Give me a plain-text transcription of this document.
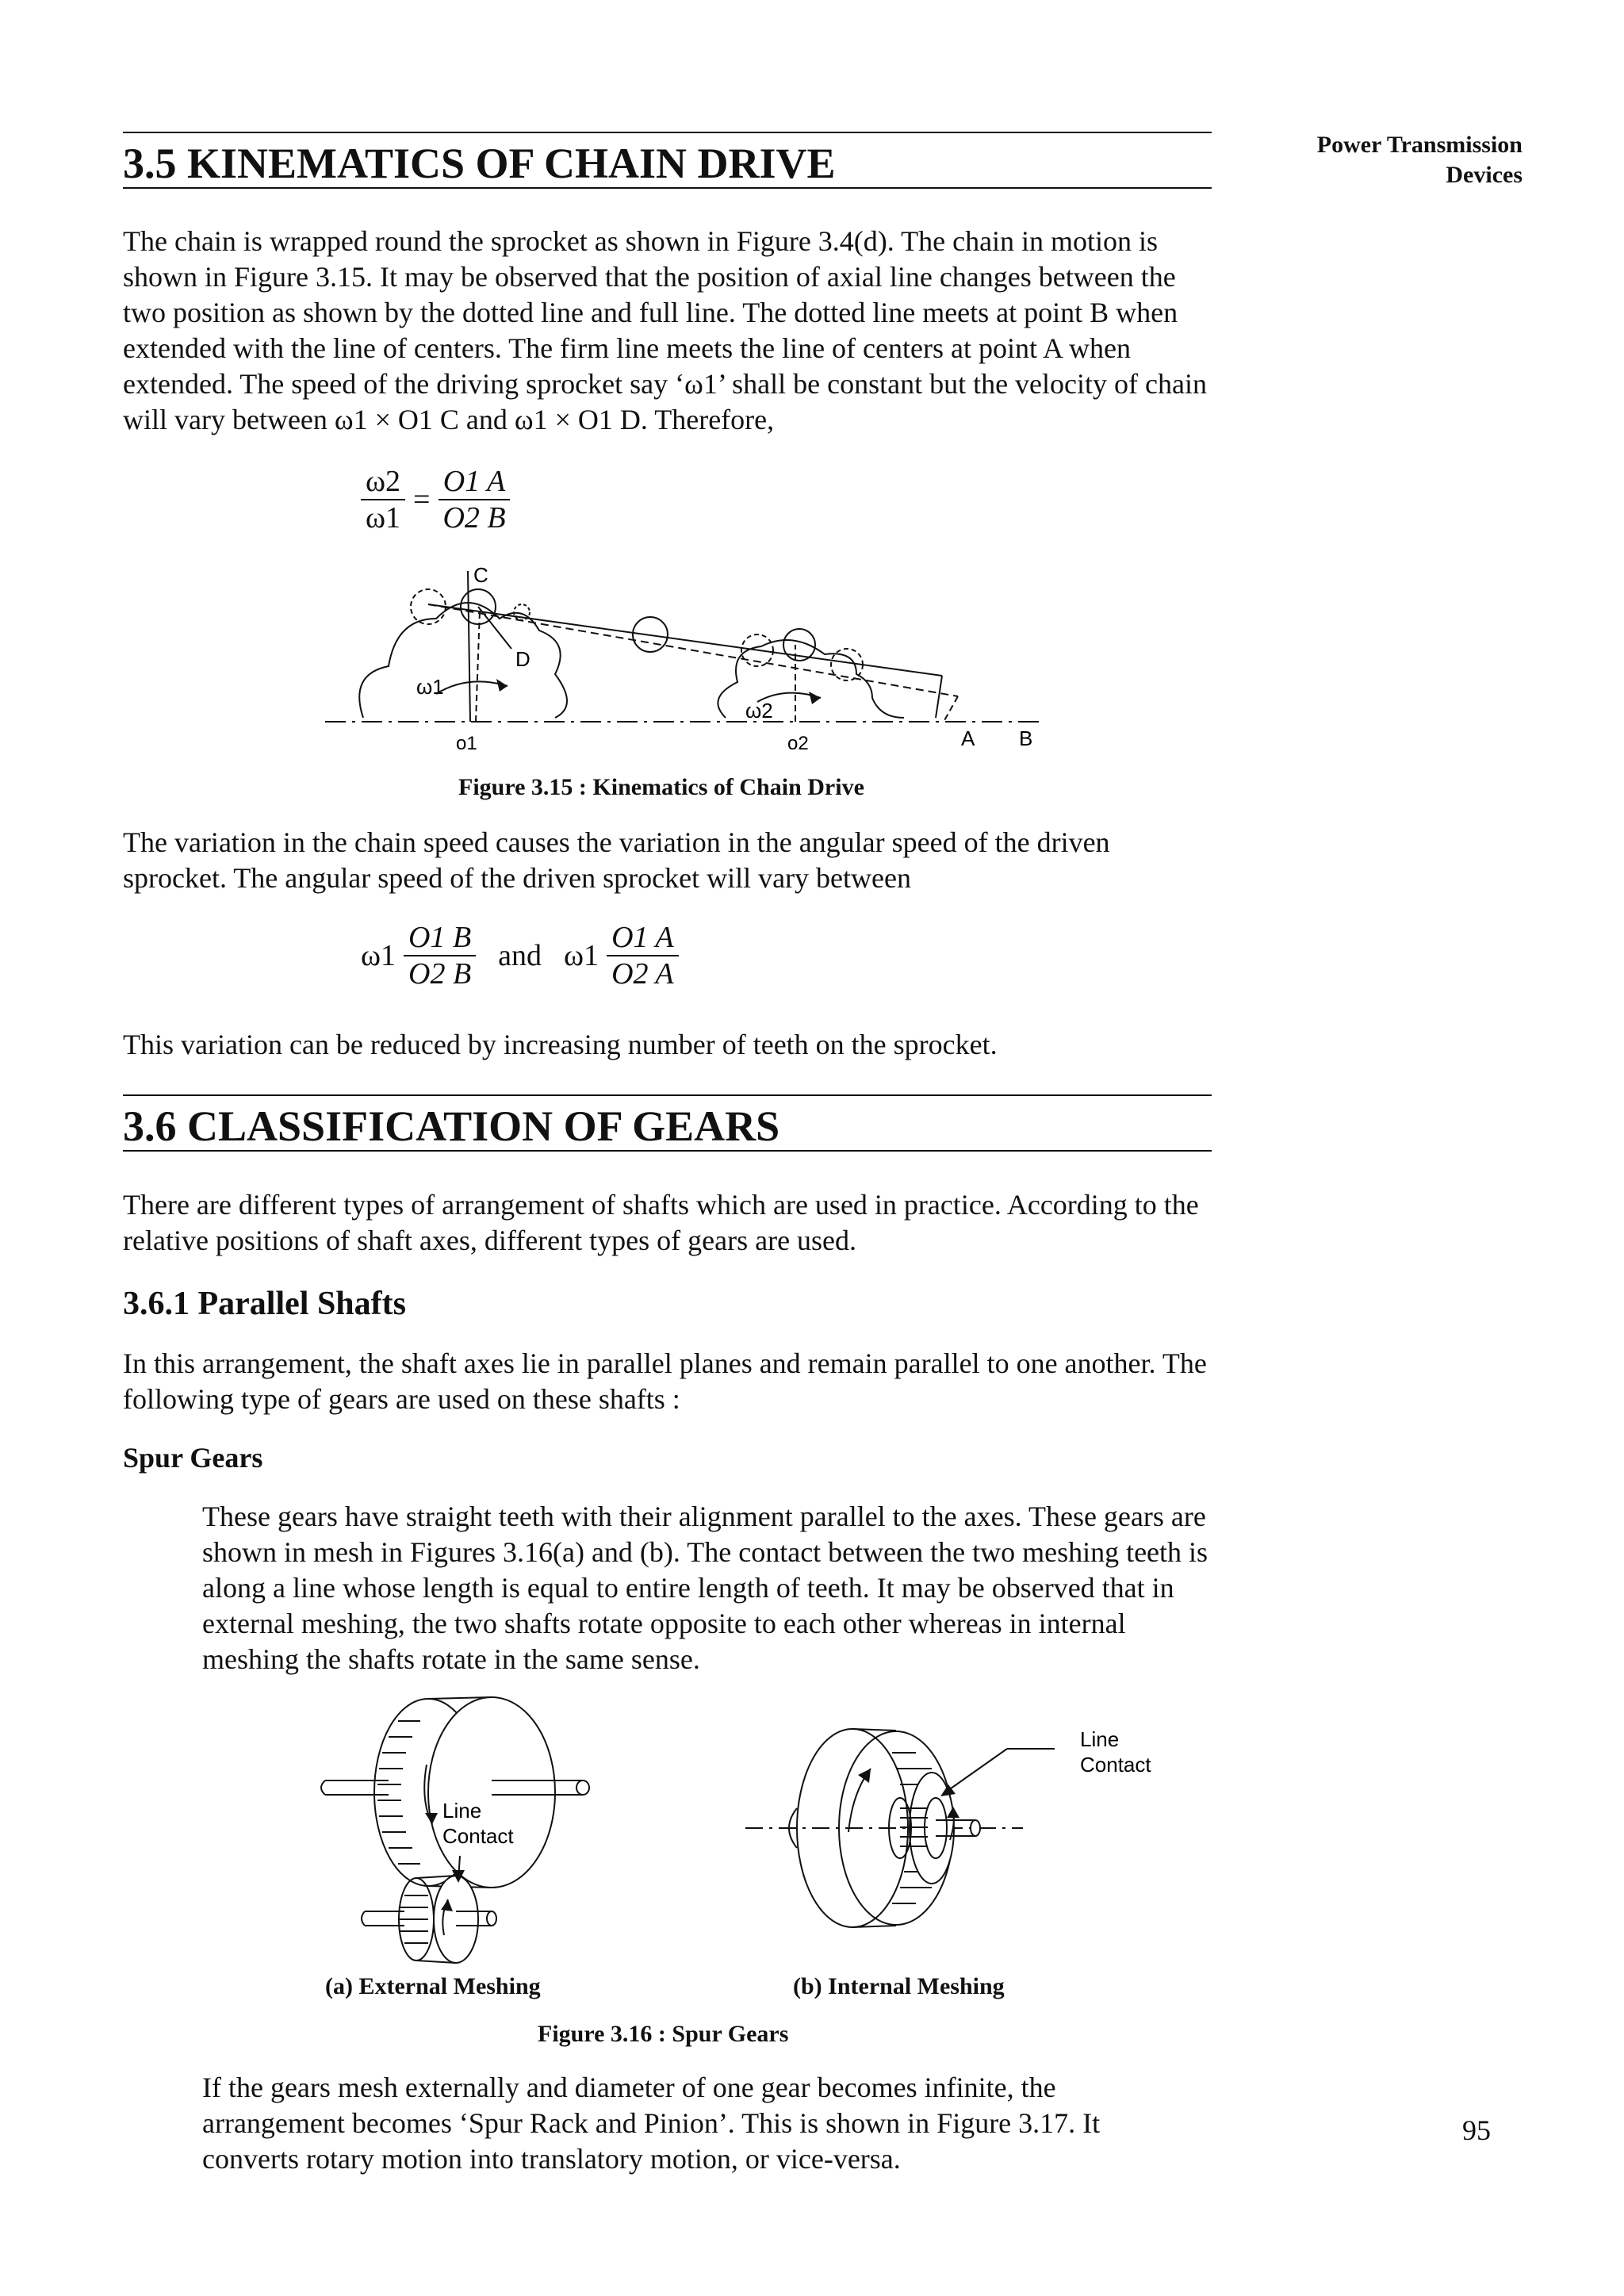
Power Transmission
Devices
3.5 KINEMATICS OF CHAIN DRIVE

The chain is wrapped round the sprocket as shown in Figure 3.4(d). The chain in motion is shown in Figure 3.15. It may be observed that the position of axial line changes between the two position as shown by the dotted line and full line. The dotted line meets at point B when extended with the line of centers. The firm line meets the line of centers at point A when extended. The speed of the driving sprocket say ‘ω1’ shall be constant but the velocity of chain will vary between ω1 × O1 C and ω1 × O1 D. Therefore,

$\frac{\omega 2}{\omega 1} = \frac{O1 A}{O2 B}$
C
D
ω1
ω2
o1	o2	A B
Figure 3.15 : Kinematics of Chain Drive

The variation in the chain speed causes the variation in the angular speed of the driven sprocket. The angular speed of the driven sprocket will vary between

$\omega 1 \frac{O1 B}{O2 B}$ and $\omega 1 \frac{O1 A}{O2 A}$

This variation can be reduced by increasing number of teeth on the sprocket.

3.6 CLASSIFICATION OF GEARS

There are different types of arrangement of shafts which are used in practice. According to the relative positions of shaft axes, different types of gears are used.

3.6.1 Parallel Shafts

In this arrangement, the shaft axes lie in parallel planes and remain parallel to one another. The following type of gears are used on these shafts :

Spur Gears

These gears have straight teeth with their alignment parallel to the axes. These gears are shown in mesh in Figures 3.16(a) and (b). The contact between the two meshing teeth is along a line whose length is equal to entire length of teeth. It may be observed that in external meshing, the two shafts rotate opposite to each other whereas in internal meshing the shafts rotate in the same sense.

Line
Contact
Line
Contact
(a) External Meshing	(b) Internal Meshing
Figure 3.16 : Spur Gears

If the gears mesh externally and diameter of one gear becomes infinite, the arrangement becomes ‘Spur Rack and Pinion’. This is shown in Figure 3.17. It converts rotary motion into translatory motion, or vice-versa.

95
